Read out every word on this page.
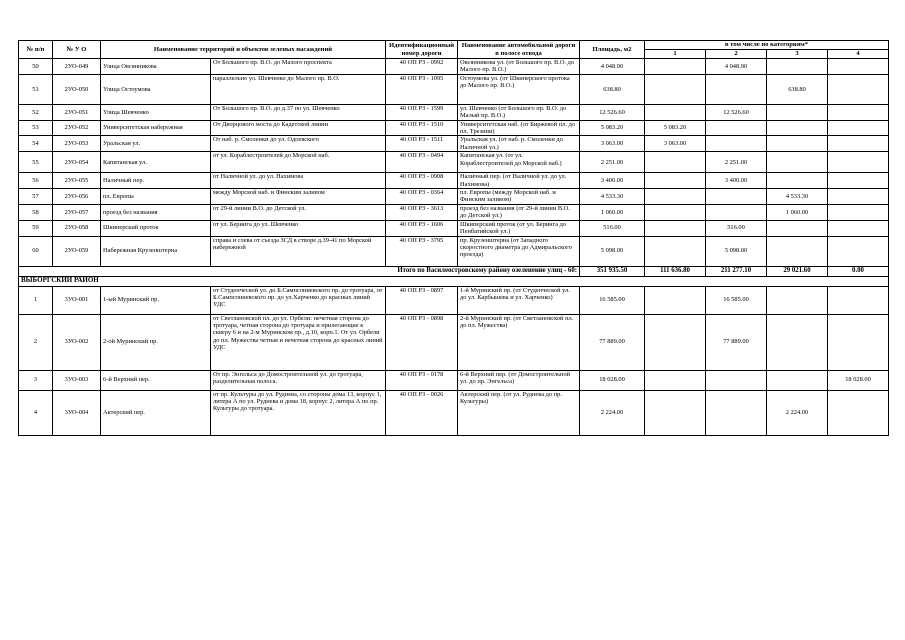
№ п/п	№ У О	Наименование территорий и объектов зеленых насаждений		Идентификационный номер дороги	Наименование автомобильной дороги в полосе отвода	Площадь, м2	в том числе по категориям*			
							1	2	3	4
50	2УО-049	Улица Овсянникова	От Большого пр. В.О. до Малого проспекта	40 ОП РЗ - 0992	Овсянникова ул. (от Большого пр. В.О. до Малого пр. В.О.)	4 048.90		4 048.90		
51	2УО-050	Улица Остоумова	параллельно ул. Шевченко до Малого пр. В.О.	40 ОП РЗ - 1095	Остоумова ул. (от Шкиперского протока до Малого пр. В.О.)	638.80			638.80	
52	2УО-051	Улица Шевченко	От Большого пр. В.О. до д.37 по ул. Шевченко	40 ОП РЗ - 1599	ул. Шевченко (от Большого пр. В.О. до Малый пр. В.О.)	12 526.60		12 526.60		
53	2УО-052	Университетская набережная	От Дворцового моста до Кадетской линии	40 ОП РЗ - 1510	Университетская наб. (от Биржевой пл. до пл. Трезини)	5 083.20	5 083.20			
54	2УО-053	Уральская ул.	От наб. р. Смоленки до ул. Одоевского	40 ОП РЗ - 1511	Уральская ул. (от наб. р. Смоленки до Наличной ул.)	3 063.00	3 063.00			
55	2УО-054	Капитанская ул.	от ул. Кораблестроителей до Морской наб.	40 ОП РЗ - 0494	Капитанская ул. (от ул. Кораблестроителей до Морской наб.)	2 251.00		2 251.00		
56	2УО-055	Наличный пер.	от Наличной ул. до ул. Нахимова	40 ОП РЗ - 0908	Наличный пер. (от Наличной ул. до ул. Нахимова)	3 400.00		3 400.00		
57	2УО-056	пл. Европы	между Морской наб. и Финским заливом	40 ОП РЗ - 0364	пл. Европы (между Морской наб. и Финским заливом)	4 533.30			4 533.30	
58	2УО-057	проезд без названия	от 29-й линии В.О. до Детской ул.	40 ОП РЗ - 3613	проезд без названия (от 29-й линии В.О. до Детской ул.)	1 060.00			1 060.00	
59	2УО-058	Шкиперский проток	от ул. Беринга до ул. Шевченко	40 ОП РЗ - 1606	Шкиперский проток (от ул. Беринга до Пенбатийской ул.)	516.00		516.00		
60	2УО-059	Набережная Крузенштерна	справа и слева от съезда ЗСД в створе д.39-41 по Морской набережной	40 ОП РЗ - 3795	пр. Крузенштерна (от Западного скоростного диаметра до Адмиральского проезда)	5 098.00		5 098.00		
Итого по Василеостровскому району озеленение улиц - 60:						351 935.50	111 636.80	211 277.10	29 021.60	0.00
ВЫБОРГСКИЙ РАЙОН										
1	3УО-001	1-ый Муринский пр.	от Студенческой ул. до Б.Сампсониевского пр. до тротуара, от Б.Сампсониевского пр. до ул.Харченко до красных линий УДС	40 ОП РЗ - 0897	1-й Муринский пр. (от Студенческой ул. до ул. Карбышева и ул. Харченко)	16 585.00		16 585.00		
2	3УО-002	2-ой Муринский пр.	от Светлановской пл. до ул. Орбели: нечетная сторона до тротуара, четная сторона до тротуара и прилегающие к скверу 6 и на 2-м Муринском пр., д.10, корп.1. От ул. Орбели до пл. Мужества четная и нечетная сторона до красных линий УДС	40 ОП РЗ - 0898	2-й Муринский пр. (от Светлановской пл. до пл. Мужества)	77 889.00		77 889.00		
3	3УО-003	6-й Верхний пер.	От пр. Энгельса до Домостроительной ул. до тротуара, разделительная полоса.	40 ОП РЗ - 0178	6-й Верхний пер. (от Домостроительной ул. до пр. Энгельса)	18 028.00				18 028.00
4	3УО-004	Актерский пер.	от пр. Культуры до ул. Руднева, со стороны дома 13, корпус 1, литера А по ул. Руднева и дома 18, корпус 2, литера А по пр. Культуры до тротуара.	40 ОП РЗ - 0026	Актерский пер. (от ул. Руднева до пр. Культуры)	2 224.00			2 224.00	
